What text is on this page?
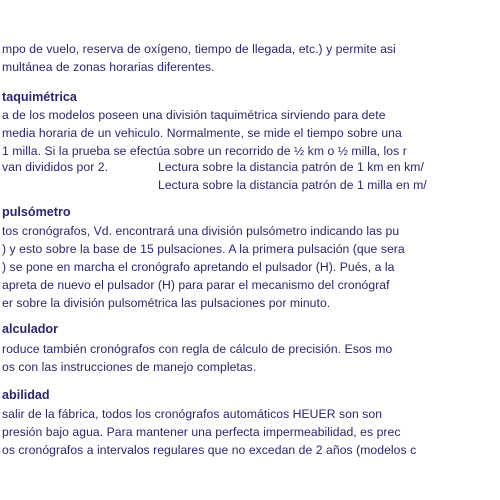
mpo de vuelo, reserva de oxígeno, tiempo de llegada, etc.) y permite asi
multánea de zonas horarias diferentes.
taquimétrica
a de los modelos poseen una división taquimétrica sirviendo para dete
media horaria de un vehiculo. Normalmente, se mide el tiempo sobre una
1 milla. Si la prueba se efectúa sobre un recorrido de ½ km o ½ milla, los r
van divididos por 2.	Lectura sobre la distancia patrón de 1 km en km/
Lectura sobre la distancia patrón de 1 milla en m/
pulsómetro
tos cronógrafos, Vd. encontrará una división pulsómetro indicando las pu
) y esto sobre la base de 15 pulsaciones. A la primera pulsación (que sera
) se pone en marcha el cronógrafo apretando el pulsador (H). Pués, a la
apreta de nuevo el pulsador (H) para parar el mecanismo del cronógraf
er sobre la división pulsométrica las pulsaciones por minuto.
alculador
roduce también cronógrafos con regla de cálculo de precisión. Esos mo
os con las instrucciones de manejo completas.
abilidad
salir de la fábrica, todos los cronógrafos automáticos HEUER son son
presión bajo agua. Para mantener una perfecta impermeabilidad, es prec
os cronógrafos a intervalos regulares que no excedan de 2 años (modelos c
